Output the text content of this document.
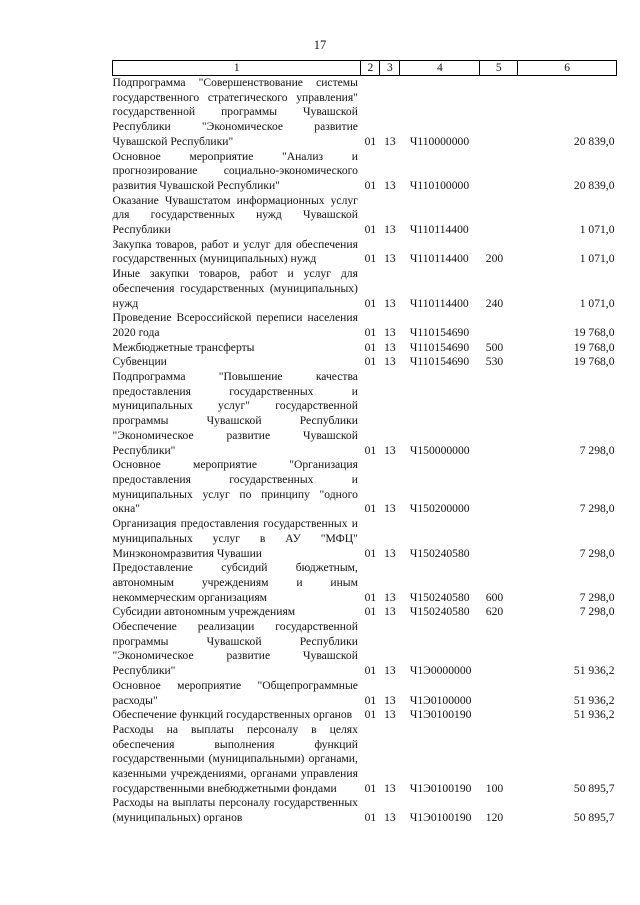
17
1	2	3	4	5	6
Подпрограмма "Совершенствование системы государственного стратегического управления" государственной программы Чувашской Республики "Экономическое развитие Чувашской Республики"	01	13	Ч110000000		20 839,0
Основное мероприятие "Анализ и прогнозирование социально-экономического развития Чувашской Республики"	01	13	Ч110100000		20 839,0
Оказание Чувашстатом информационных услуг для государственных нужд Чувашской Республики	01	13	Ч110114400		1 071,0
Закупка товаров, работ и услуг для обеспечения государственных (муниципальных) нужд	01	13	Ч110114400	200	1 071,0
Иные закупки товаров, работ и услуг для обеспечения государственных (муниципальных) нужд	01	13	Ч110114400	240	1 071,0
Проведение Всероссийской переписи населения 2020 года	01	13	Ч110154690		19 768,0
Межбюджетные трансферты	01	13	Ч110154690	500	19 768,0
Субвенции	01	13	Ч110154690	530	19 768,0
Подпрограмма "Повышение качества предоставления государственных и муниципальных услуг" государственной программы Чувашской Республики "Экономическое развитие Чувашской Республики"	01	13	Ч150000000		7 298,0
Основное мероприятие "Организация предоставления государственных и муниципальных услуг по принципу "одного окна"	01	13	Ч150200000		7 298,0
Организация предоставления государственных и муниципальных услуг в АУ "МФЦ" Минэкономразвития Чувашии	01	13	Ч150240580		7 298,0
Предоставление субсидий бюджетным, автономным учреждениям и иным некоммерческим организациям	01	13	Ч150240580	600	7 298,0
Субсидии автономным учреждениям	01	13	Ч150240580	620	7 298,0
Обеспечение реализации государственной программы Чувашской Республики "Экономическое развитие Чувашской Республики"	01	13	Ч1Э0000000		51 936,2
Основное мероприятие "Общепрограммные расходы"	01	13	Ч1Э0100000		51 936,2
Обеспечение функций государственных органов	01	13	Ч1Э0100190		51 936,2
Расходы на выплаты персоналу в целях обеспечения выполнения функций государственными (муниципальными) органами, казенными учреждениями, органами управления государственными внебюджетными фондами	01	13	Ч1Э0100190	100	50 895,7
Расходы на выплаты персоналу государственных (муниципальных) органов	01	13	Ч1Э0100190	120	50 895,7
